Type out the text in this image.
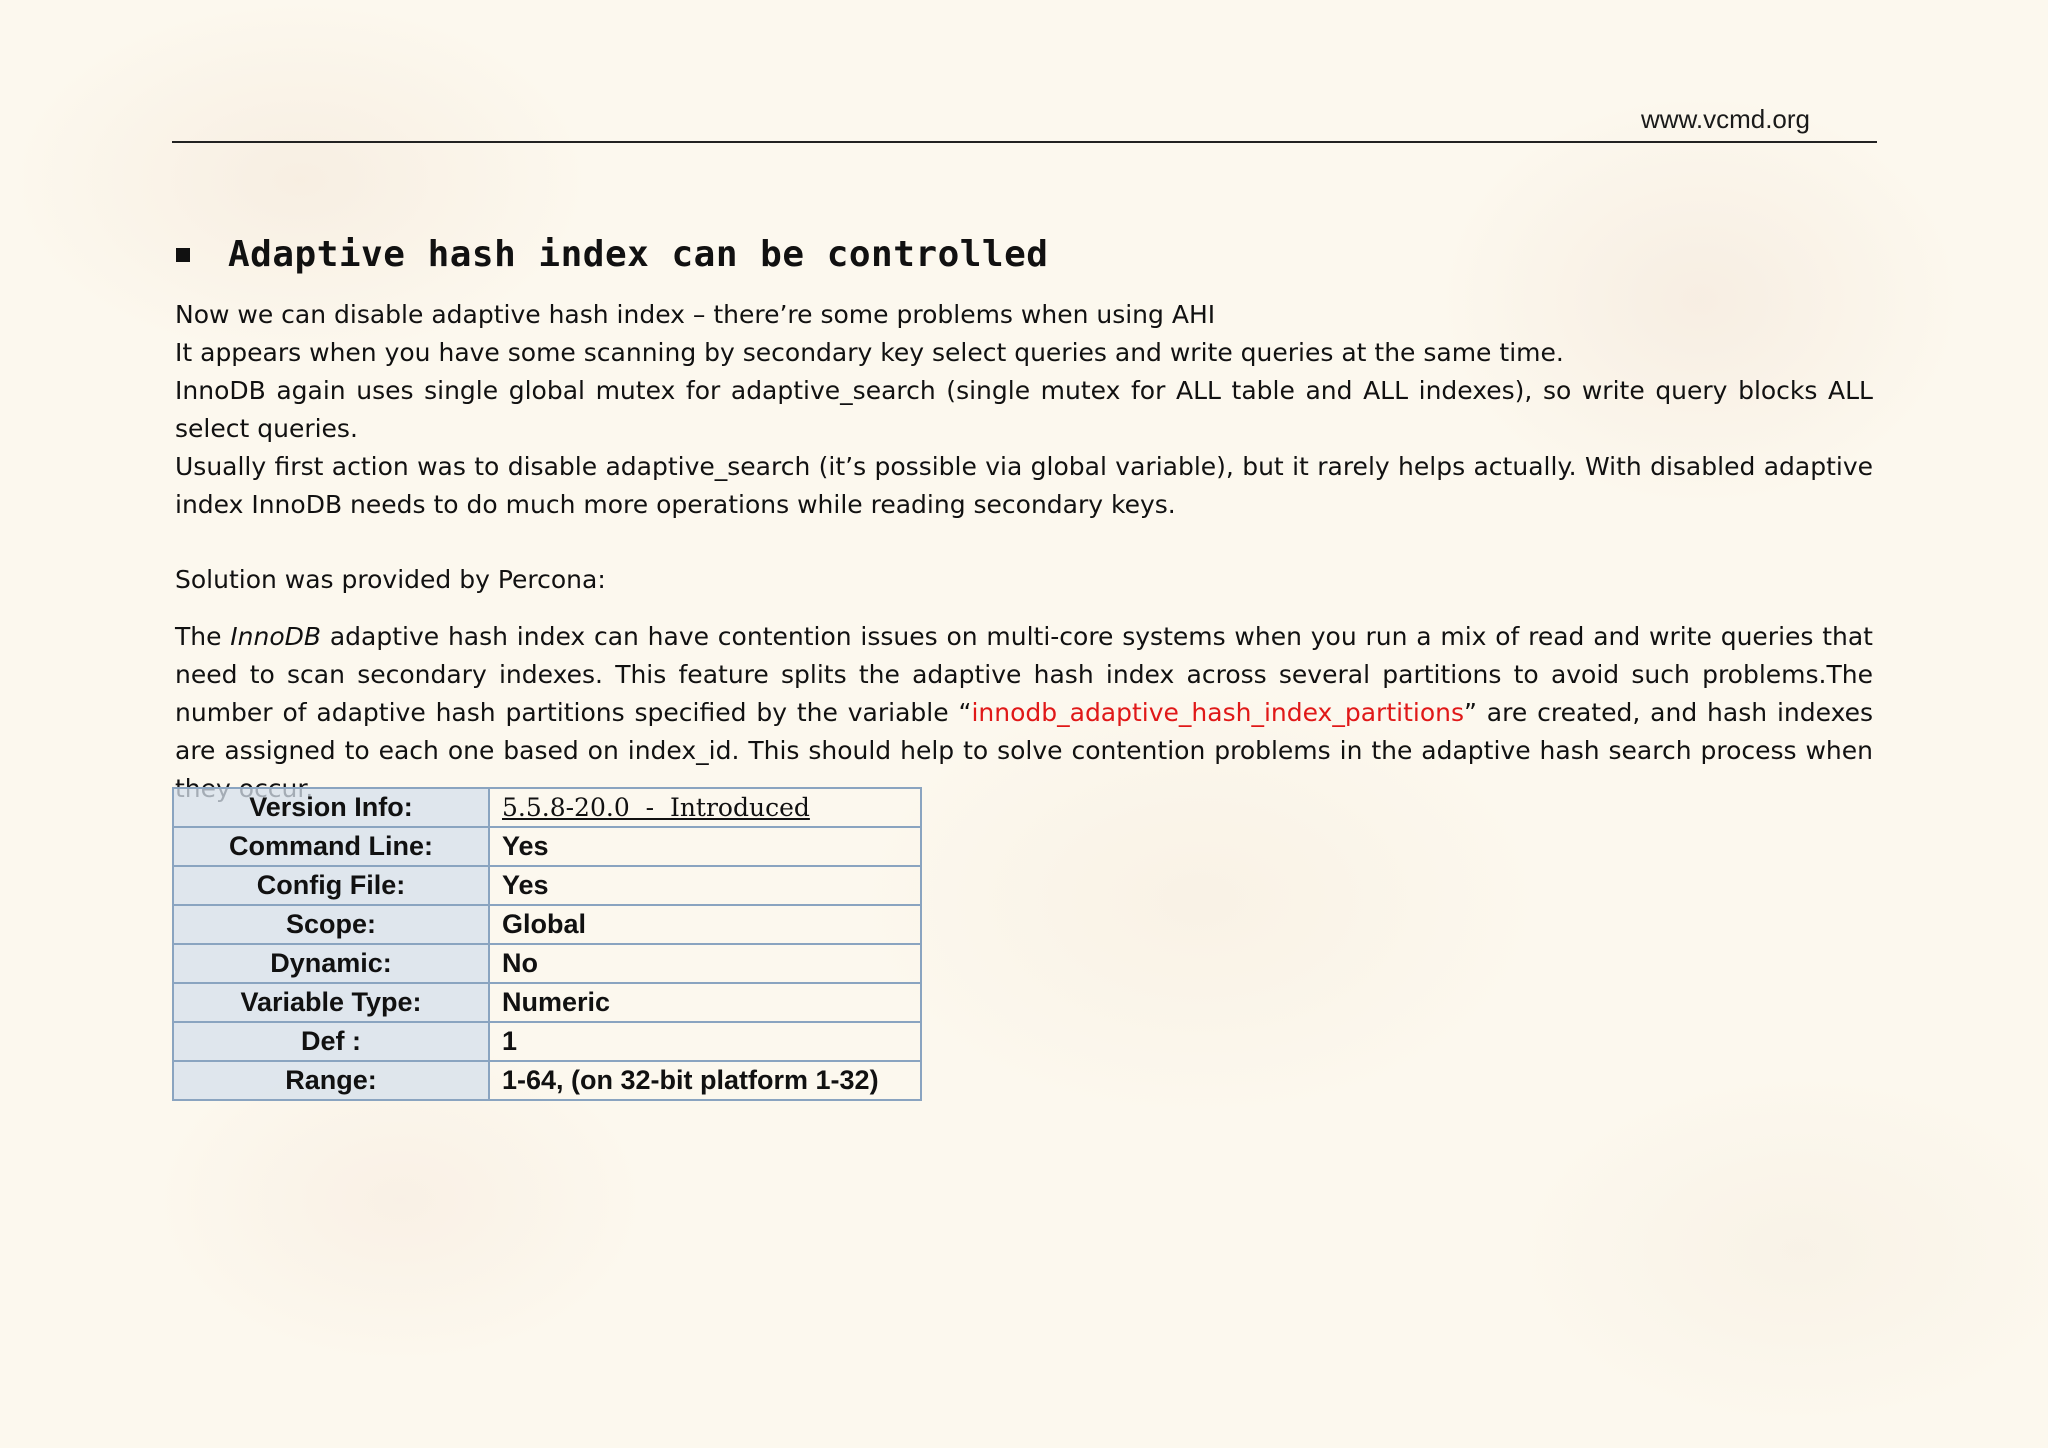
www.vcmd.org
Adaptive hash index can be controlled

Now we can disable adaptive hash index – there’re some problems when using AHI

It appears when you have some scanning by secondary key select queries and write queries at the same time.

InnoDB again uses single global mutex for adaptive_search (single mutex for ALL table and ALL indexes), so write query blocks ALL select queries.

Usually first action was to disable adaptive_search (it’s possible via global variable), but it rarely helps actually. With disabled adaptive index InnoDB needs to do much more operations while reading secondary keys.

Solution was provided by Percona:

The InnoDB adaptive hash index can have contention issues on multi-core systems when you run a mix of read and write queries that need to scan secondary indexes. This feature splits the adaptive hash index across several partitions to avoid such problems.The number of adaptive hash partitions specified by the variable “innodb_adaptive_hash_index_partitions” are created, and hash indexes are assigned to each one based on index_id. This should help to solve contention problems in the adaptive hash search process when

Version Info:	5.5.8-20.0  -  Introduced
Command Line:	Yes
Config File:	Yes
Scope:	Global
Dynamic:	No
Variable Type:	Numeric
Def :	1
Range:	1-64, (on 32-bit platform 1-32)
